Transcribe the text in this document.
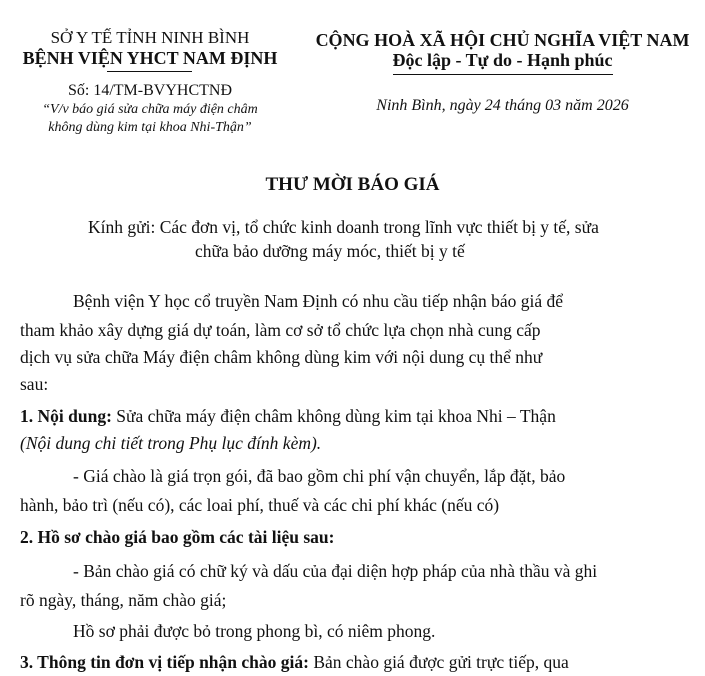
SỞ Y TẾ TỈNH NINH BÌNH
BỆNH VIỆN YHCT NAM ĐỊNH
Số: 14/TM-BVYHCTNĐ
“V/v báo giá sửa chữa máy điện châm
không dùng kim tại khoa Nhi-Thận”
CỘNG HOÀ XÃ HỘI CHỦ NGHĨA VIỆT NAM
Độc lập - Tự do - Hạnh phúc
Ninh Bình, ngày 24 tháng 03 năm 2026
THƯ MỜI BÁO GIÁ
Kính gửi: Các đơn vị, tổ chức kinh doanh trong lĩnh vực thiết bị y tế, sửa
chữa bảo dưỡng máy móc, thiết bị y tế
Bệnh viện Y học cổ truyền Nam Định có nhu cầu tiếp nhận báo giá để
tham khảo xây dựng giá dự toán, làm cơ sở tổ chức lựa chọn nhà cung cấp
dịch vụ sửa chữa Máy điện châm không dùng kim với nội dung cụ thể như
sau:
1. Nội dung: Sửa chữa máy điện châm không dùng kim tại khoa Nhi – Thận
(Nội dung chi tiết trong Phụ lục đính kèm).
- Giá chào là giá trọn gói, đã bao gồm chi phí vận chuyển, lắp đặt, bảo
hành, bảo trì (nếu có), các loai phí, thuế và các chi phí khác (nếu có)
2. Hồ sơ chào giá bao gồm các tài liệu sau:
- Bản chào giá có chữ ký và dấu của đại diện hợp pháp của nhà thầu và ghi
rõ ngày, tháng, năm chào giá;
Hồ sơ phải được bỏ trong phong bì, có niêm phong.
3. Thông tin đơn vị tiếp nhận chào giá: Bản chào giá được gửi trực tiếp, qua
